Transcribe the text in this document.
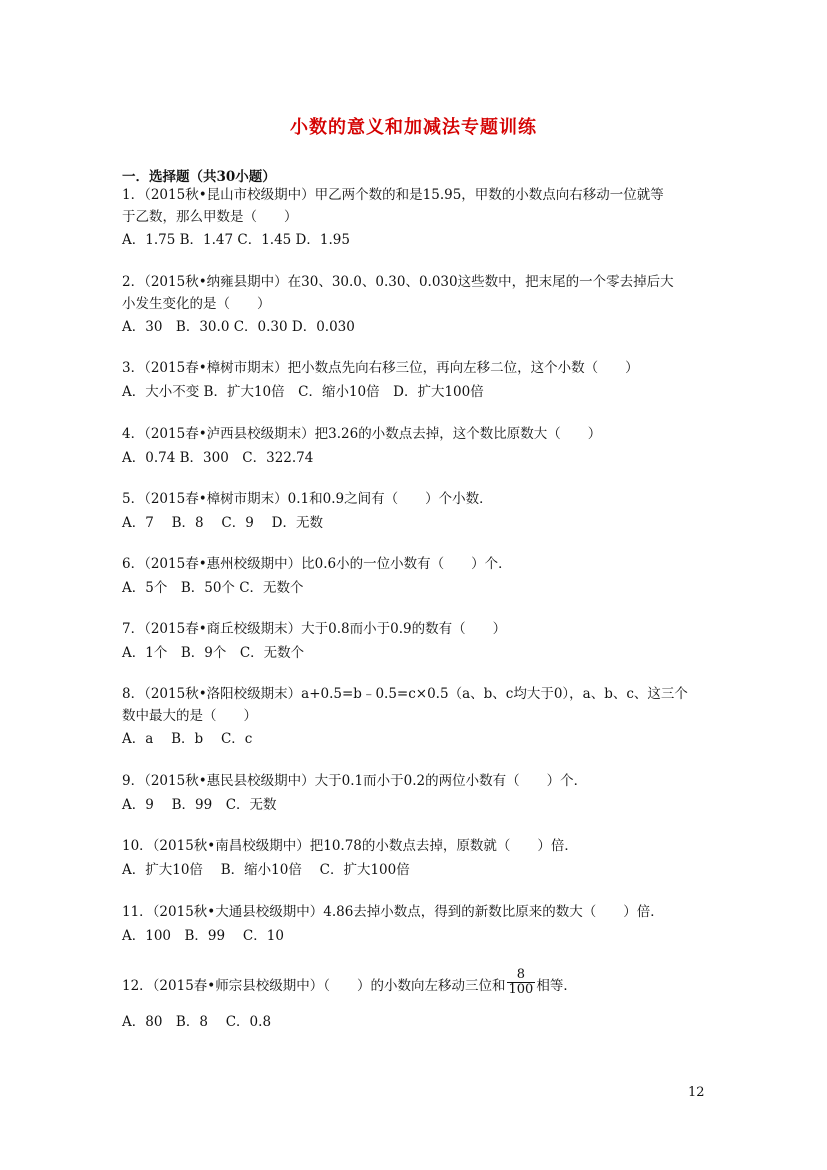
小数的意义和加减法专题训练
一．选择题（共30小题）
1．（2015秋•昆山市校级期中）甲乙两个数的和是15.95，甲数的小数点向右移动一位就等
于乙数，那么甲数是（　　）
A．1.75 B．1.47 C．1.45 D．1.95
2．（2015秋•纳雍县期中）在30、30.0、0.30、0.030这些数中，把末尾的一个零去掉后大
小发生变化的是（　　）
A．30　B．30.0 C．0.30 D．0.030
3．（2015春•樟树市期末）把小数点先向右移三位，再向左移二位，这个小数（　　）
A．大小不变 B．扩大10倍　C．缩小10倍　D．扩大100倍
4．（2015春•泸西县校级期末）把3.26的小数点去掉，这个数比原数大（　　）
A．0.74 B．300　C．322.74
5．（2015春•樟树市期末）0.1和0.9之间有（　　）个小数．
A．7　 B．8　 C．9　 D．无数
6．（2015春•惠州校级期中）比0.6小的一位小数有（　　）个．
A．5个　B．50个 C．无数个
7．（2015春•商丘校级期末）大于0.8而小于0.9的数有（　　）
A．1个　B．9个　C．无数个
8．（2015秋•洛阳校级期末）a+0.5=b﹣0.5=c×0.5（a、b、c均大于0），a、b、c、这三个
数中最大的是（　　）
A．a　 B．b　 C．c
9．（2015秋•惠民县校级期中）大于0.1而小于0.2的两位小数有（　　）个．
A．9　 B．99　C．无数
10．（2015秋•南昌校级期中）把10.78的小数点去掉，原数就（　　）倍．
A．扩大10倍　 B．缩小10倍　 C．扩大100倍
11．（2015秋•大通县校级期中）4.86去掉小数点，得到的新数比原来的数大（　　）倍．
A．100　B．99　 C．10
12．（2015春•师宗县校级期中）（　　）的小数向左移动三位和 $\frac{8}{100}$ 相等．
A．80　B．8　 C．0.8
12
